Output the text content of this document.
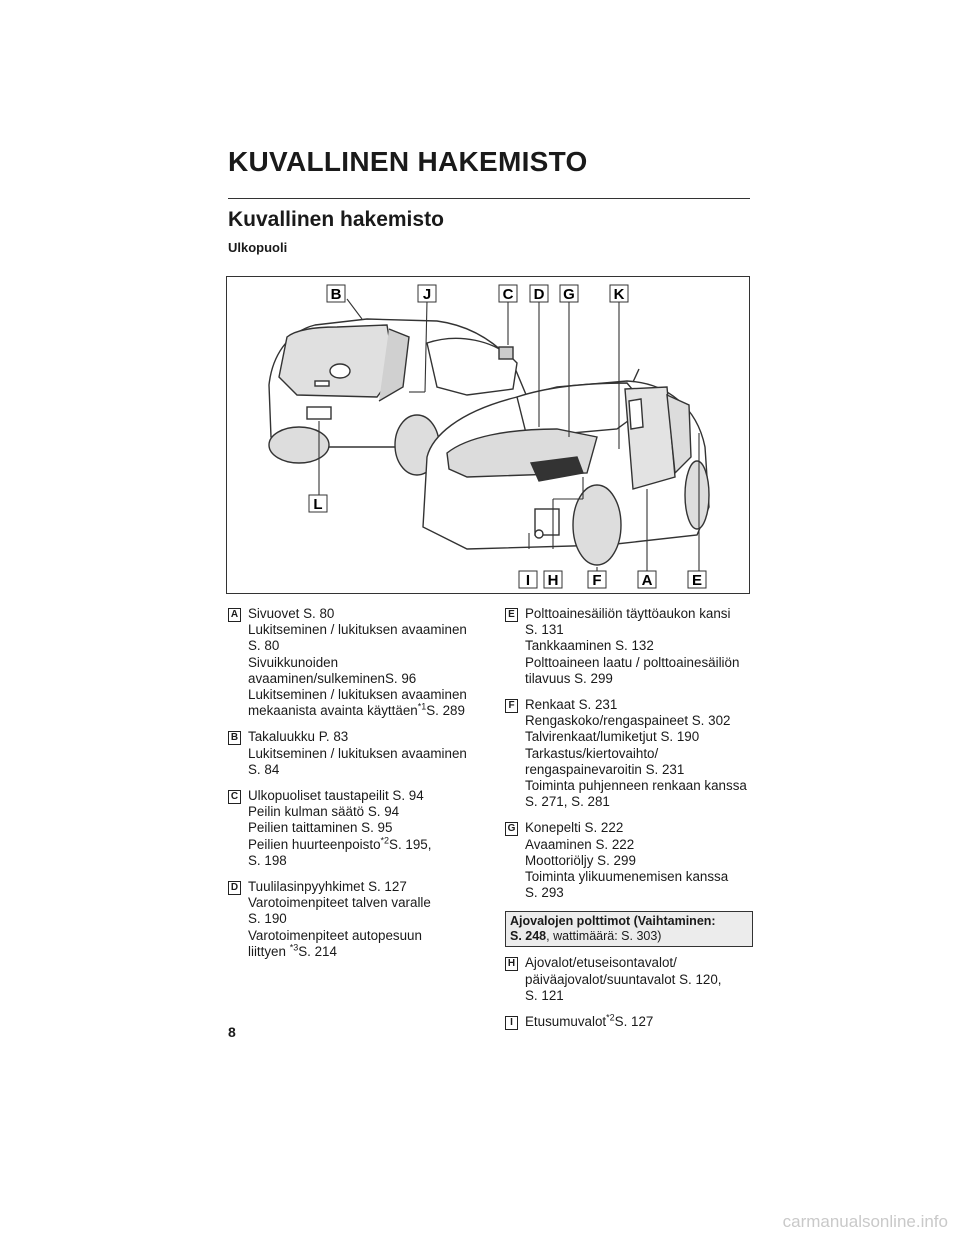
KUVALLINEN HAKEMISTO
Kuvallinen hakemisto
Ulkopuoli
B	J	C D G	K
L
I H F	A	E
A Sivuovet S. 80
Lukitseminen / lukituksen avaaminen
S. 80
Sivuikkunoiden
avaaminen/sulkeminenS. 96
Lukitseminen / lukituksen avaaminen
mekaanista avainta käyttäen$^{*1}$S. 289
B Takaluukku P. 83
Lukitseminen / lukituksen avaaminen
S. 84
C Ulkopuoliset taustapeilit S. 94
Peilin kulman säätö S. 94
Peilien taittaminen S. 95
Peilien huurteenpoisto$^{*2}$S. 195,
S. 198
D Tuulilasinpyyhkimet S. 127
Varotoimenpiteet talven varalle
S. 190
Varotoimenpiteet autopesuun
liittyen $^{*3}$S. 214
E Polttoainesäiliön täyttöaukon kansi
S. 131
Tankkaaminen S. 132
Polttoaineen laatu / polttoainesäiliön
tilavuus S. 299
F Renkaat S. 231
Rengaskoko/rengaspaineet S. 302
Talvirenkaat/lumiketjut S. 190
Tarkastus/kiertovaihto/
rengaspainevaroitin S. 231
Toiminta puhjenneen renkaan kanssa
S. 271, S. 281
G Konepelti S. 222
Avaaminen S. 222
Moottoriöljy S. 299
Toiminta ylikuumenemisen kanssa
S. 293
Ajovalojen polttimot (Vaihtaminen:
S. 248, wattimäärä: S. 303)
H Ajovalot/etuseisontavalot/
päiväajovalot/suuntavalot S. 120,
S. 121
I Etusumuvalot$^{*2}$S. 127
8
carmanualsonline.info
